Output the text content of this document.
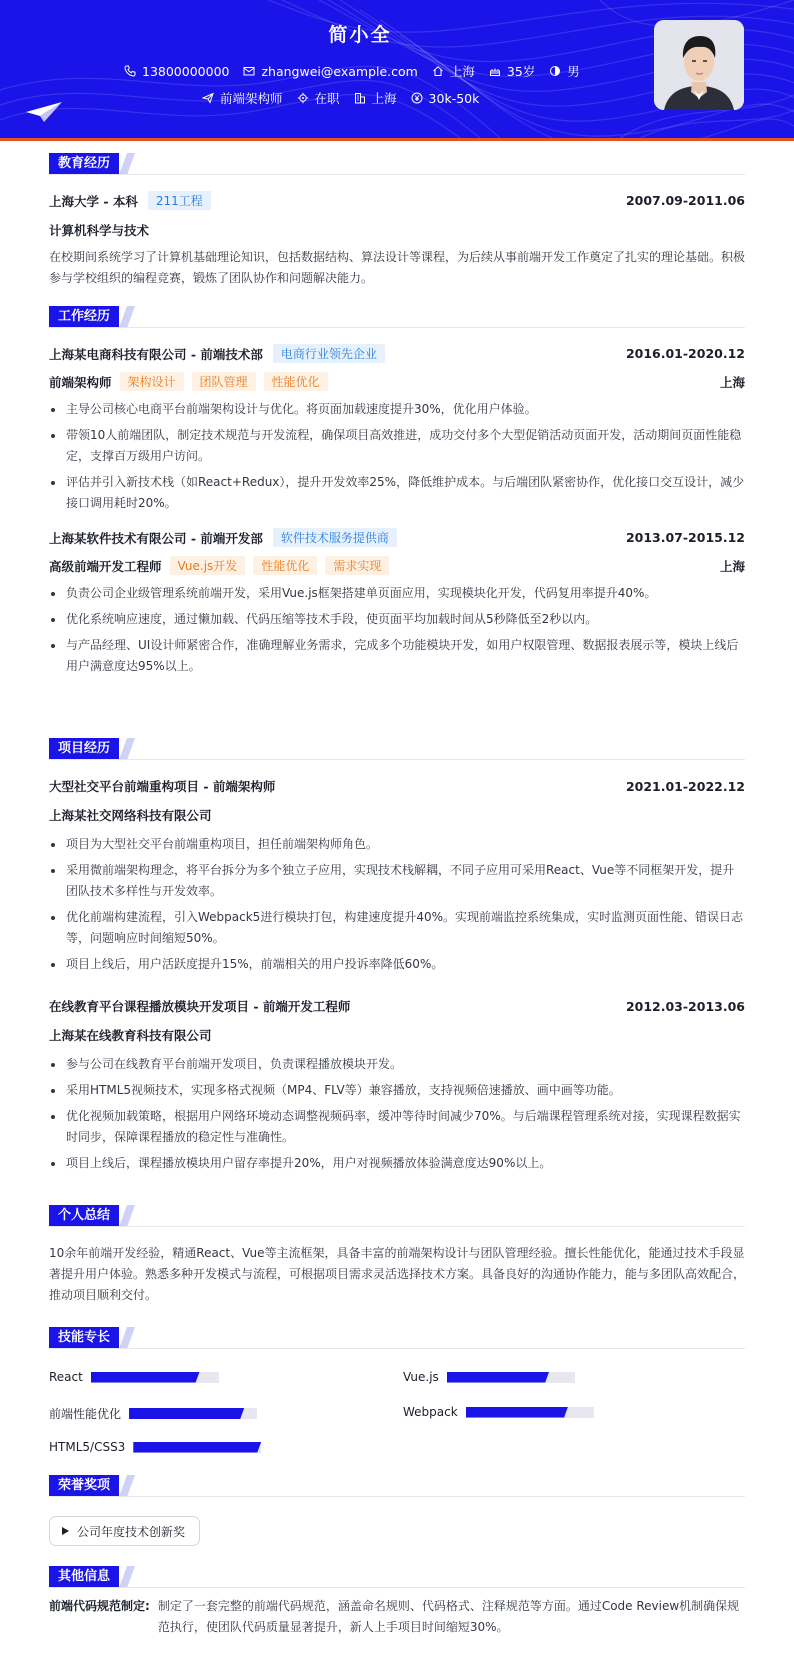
简小全
13800000000	zhangwei@example.com	上海	35岁	男
前端架构师	在职	上海	30k-50k
教育经历
上海大学 - 本科	211工程	2007.09-2011.06
计算机科学与技术
在校期间系统学习了计算机基础理论知识，包括数据结构、算法设计等课程，为后续从事前端开发工作奠定了扎实的理论基础。积极参与学校组织的编程竞赛，锻炼了团队协作和问题解决能力。
工作经历
上海某电商科技有限公司 - 前端技术部	电商行业领先企业	2016.01-2020.12
前端架构师	架构设计	团队管理	性能优化	上海
主导公司核心电商平台前端架构设计与优化。将页面加载速度提升30%，优化用户体验。
带领10人前端团队，制定技术规范与开发流程，确保项目高效推进，成功交付多个大型促销活动页面开发，活动期间页面性能稳定，支撑百万级用户访问。
评估并引入新技术栈（如React+Redux），提升开发效率25%，降低维护成本。与后端团队紧密协作，优化接口交互设计，减少接口调用耗时20%。
上海某软件技术有限公司 - 前端开发部	软件技术服务提供商	2013.07-2015.12
高级前端开发工程师	Vue.js开发	性能优化	需求实现	上海
负责公司企业级管理系统前端开发，采用Vue.js框架搭建单页面应用，实现模块化开发，代码复用率提升40%。
优化系统响应速度，通过懒加载、代码压缩等技术手段，使页面平均加载时间从5秒降低至2秒以内。
与产品经理、UI设计师紧密合作，准确理解业务需求，完成多个功能模块开发，如用户权限管理、数据报表展示等，模块上线后用户满意度达95%以上。
项目经历
大型社交平台前端重构项目 - 前端架构师	2021.01-2022.12
上海某社交网络科技有限公司
项目为大型社交平台前端重构项目，担任前端架构师角色。
采用微前端架构理念，将平台拆分为多个独立子应用，实现技术栈解耦，不同子应用可采用React、Vue等不同框架开发，提升团队技术多样性与开发效率。
优化前端构建流程，引入Webpack5进行模块打包，构建速度提升40%。实现前端监控系统集成，实时监测页面性能、错误日志等，问题响应时间缩短50%。
项目上线后，用户活跃度提升15%，前端相关的用户投诉率降低60%。
在线教育平台课程播放模块开发项目 - 前端开发工程师	2012.03-2013.06
上海某在线教育科技有限公司
参与公司在线教育平台前端开发项目，负责课程播放模块开发。
采用HTML5视频技术，实现多格式视频（MP4、FLV等）兼容播放，支持视频倍速播放、画中画等功能。
优化视频加载策略，根据用户网络环境动态调整视频码率，缓冲等待时间减少70%。与后端课程管理系统对接，实现课程数据实时同步，保障课程播放的稳定性与准确性。
项目上线后，课程播放模块用户留存率提升20%，用户对视频播放体验满意度达90%以上。
个人总结
10余年前端开发经验，精通React、Vue等主流框架，具备丰富的前端架构设计与团队管理经验。擅长性能优化，能通过技术手段显著提升用户体验。熟悉多种开发模式与流程，可根据项目需求灵活选择技术方案。具备良好的沟通协作能力，能与多团队高效配合，推动项目顺利交付。
技能专长
React	Vue.js
前端性能优化	Webpack
HTML5/CSS3
荣誉奖项
公司年度技术创新奖
其他信息
前端代码规范制定: 制定了一套完整的前端代码规范，涵盖命名规则、代码格式、注释规范等方面。通过Code Review机制确保规范执行，使团队代码质量显著提升，新人上手项目时间缩短30%。
